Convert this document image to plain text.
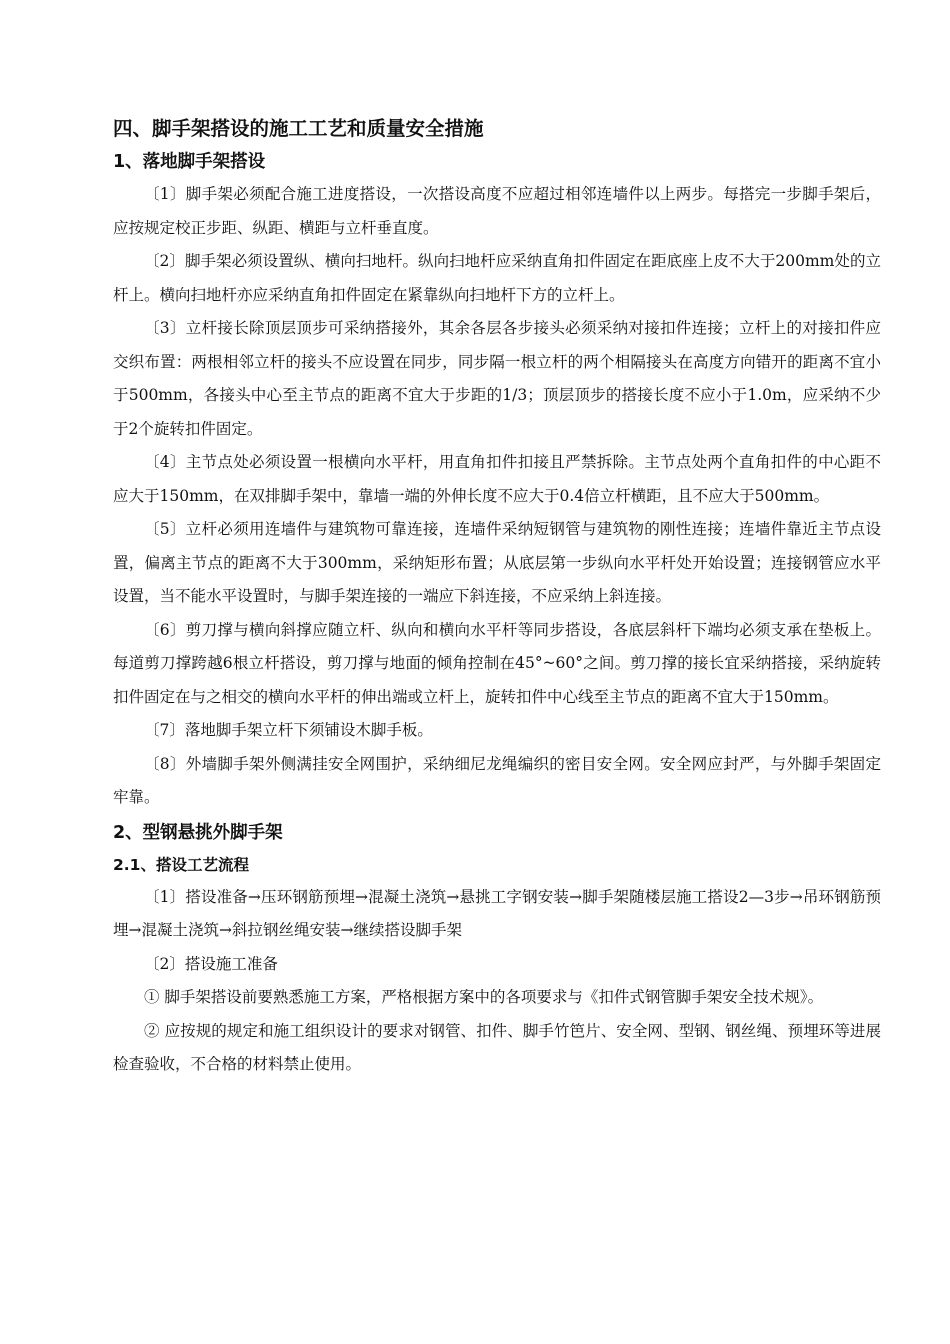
四、脚手架搭设的施工工艺和质量安全措施
1、落地脚手架搭设

〔1〕脚手架必须配合施工进度搭设，一次搭设高度不应超过相邻连墙件以上两步。每搭完一步脚手架后，应按规定校正步距、纵距、横距与立杆垂直度。

〔2〕脚手架必须设置纵、横向扫地杆。纵向扫地杆应采纳直角扣件固定在距底座上皮不大于200mm处的立杆上。横向扫地杆亦应采纳直角扣件固定在紧靠纵向扫地杆下方的立杆上。

〔3〕立杆接长除顶层顶步可采纳搭接外，其余各层各步接头必须采纳对接扣件连接；立杆上的对接扣件应交织布置：两根相邻立杆的接头不应设置在同步，同步隔一根立杆的两个相隔接头在高度方向错开的距离不宜小于500mm，各接头中心至主节点的距离不宜大于步距的1/3；顶层顶步的搭接长度不应小于1.0m，应采纳不少于2个旋转扣件固定。

〔4〕主节点处必须设置一根横向水平杆，用直角扣件扣接且严禁拆除。主节点处两个直角扣件的中心距不应大于150mm，在双排脚手架中，靠墙一端的外伸长度不应大于0.4倍立杆横距，且不应大于500mm。

〔5〕立杆必须用连墙件与建筑物可靠连接，连墙件采纳短钢管与建筑物的刚性连接；连墙件靠近主节点设置，偏离主节点的距离不大于300mm，采纳矩形布置；从底层第一步纵向水平杆处开始设置；连接钢管应水平设置，当不能水平设置时，与脚手架连接的一端应下斜连接，不应采纳上斜连接。

〔6〕剪刀撑与横向斜撑应随立杆、纵向和横向水平杆等同步搭设，各底层斜杆下端均必须支承在垫板上。每道剪刀撑跨越6根立杆搭设，剪刀撑与地面的倾角控制在45°~60°之间。剪刀撑的接长宜采纳搭接，采纳旋转扣件固定在与之相交的横向水平杆的伸出端或立杆上，旋转扣件中心线至主节点的距离不宜大于150mm。

〔7〕落地脚手架立杆下须铺设木脚手板。

〔8〕外墙脚手架外侧满挂安全网围护，采纳细尼龙绳编织的密目安全网。安全网应封严，与外脚手架固定牢靠。

2、型钢悬挑外脚手架
2.1、搭设工艺流程

〔1〕搭设准备→压环钢筋预埋→混凝土浇筑→悬挑工字钢安装→脚手架随楼层施工搭设2—3步→吊环钢筋预埋→混凝土浇筑→斜拉钢丝绳安装→继续搭设脚手架

〔2〕搭设施工准备

① 脚手架搭设前要熟悉施工方案，严格根据方案中的各项要求与《扣件式钢管脚手架安全技术规》。

② 应按规的规定和施工组织设计的要求对钢管、扣件、脚手竹笆片、安全网、型钢、钢丝绳、预埋环等进展检查验收，不合格的材料禁止使用。
